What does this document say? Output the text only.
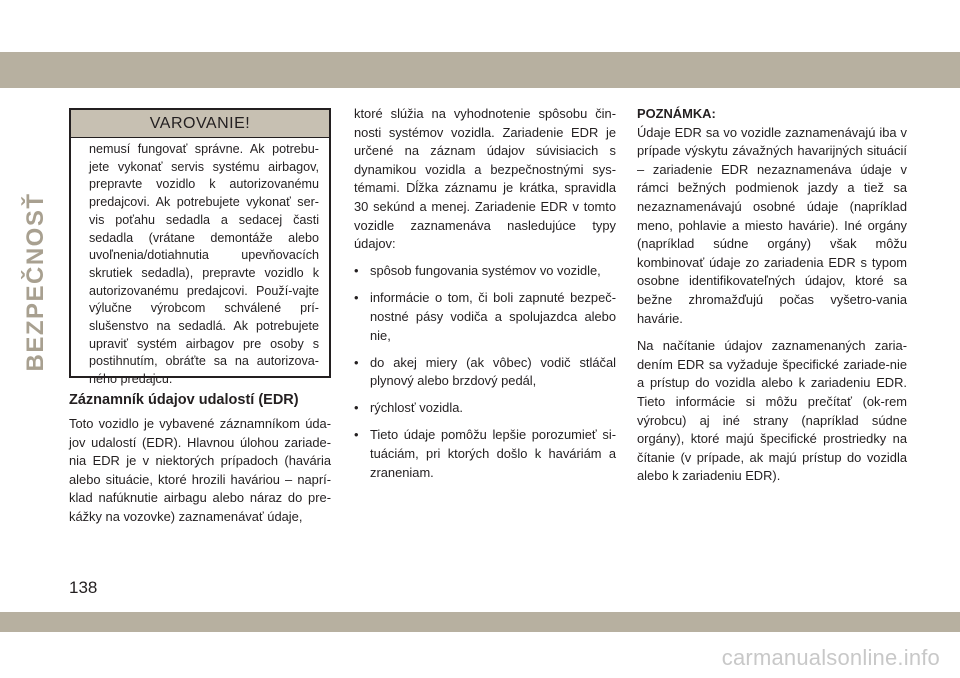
BEZPEČNOSŤ
VAROVANIE!
nemusí fungovať správne. Ak potrebu-jete vykonať servis systému airbagov, prepravte vozidlo k autorizovanému predajcovi. Ak potrebujete vykonať ser-vis poťahu sedadla a sedacej časti sedadla (vrátane demontáže alebo uvoľnenia/dotiahnutia upevňovacích skrutiek sedadla), prepravte vozidlo k autorizovanému predajcovi. Použí-vajte výlučne výrobcom schválené prí-slušenstvo na sedadlá. Ak potrebujete upraviť systém airbagov pre osoby s postihnutím, obráťte sa na autorizova-ného predajcu.
Záznamník údajov udalostí (EDR)

Toto vozidlo je vybavené záznamníkom úda-jov udalostí (EDR). Hlavnou úlohou zariade-nia EDR je v niektorých prípadoch (havária alebo situácie, ktoré hrozili haváriou – naprí-klad nafúknutie airbagu alebo náraz do pre-kážky na vozovke) zaznamenávať údaje,

ktoré slúžia na vyhodnotenie spôsobu čin-nosti systémov vozidla. Zariadenie EDR je určené na záznam údajov súvisiacich s dynamikou vozidla a bezpečnostnými sys-témami. Dĺžka záznamu je krátka, spravidla 30 sekúnd a menej. Zariadenie EDR v tomto vozidle zaznamenáva nasledujúce typy údajov:

• spôsob fungovania systémov vo vozidle,
• informácie o tom, či boli zapnuté bezpeč-nostné pásy vodiča a spolujazdca alebo nie,
• do akej miery (ak vôbec) vodič stláčal plynový alebo brzdový pedál,
• rýchlosť vozidla.
• Tieto údaje pomôžu lepšie porozumieť si-tuáciám, pri ktorých došlo k haváriám a zraneniam.

POZNÁMKA:

Údaje EDR sa vo vozidle zaznamenávajú iba v prípade výskytu závažných havarijných situácií – zariadenie EDR nezaznamenáva údaje v rámci bežných podmienok jazdy a tiež sa nezaznamenávajú osobné údaje (napríklad meno, pohlavie a miesto havárie). Iné orgány (napríklad súdne orgány) však môžu kombinovať údaje zo zariadenia EDR s typom osobne identifikovateľných údajov, ktoré sa bežne zhromažďujú počas vyšetro-vania havárie.

Na načítanie údajov zaznamenaných zaria-dením EDR sa vyžaduje špecifické zariade-nie a prístup do vozidla alebo k zariadeniu EDR. Tieto informácie si môžu prečítať (ok-rem výrobcu) aj iné strany (napríklad súdne orgány), ktoré majú špecifické prostriedky na čítanie (v prípade, ak majú prístup do vozidla alebo k zariadeniu EDR).

138
carmanualsonline.info
